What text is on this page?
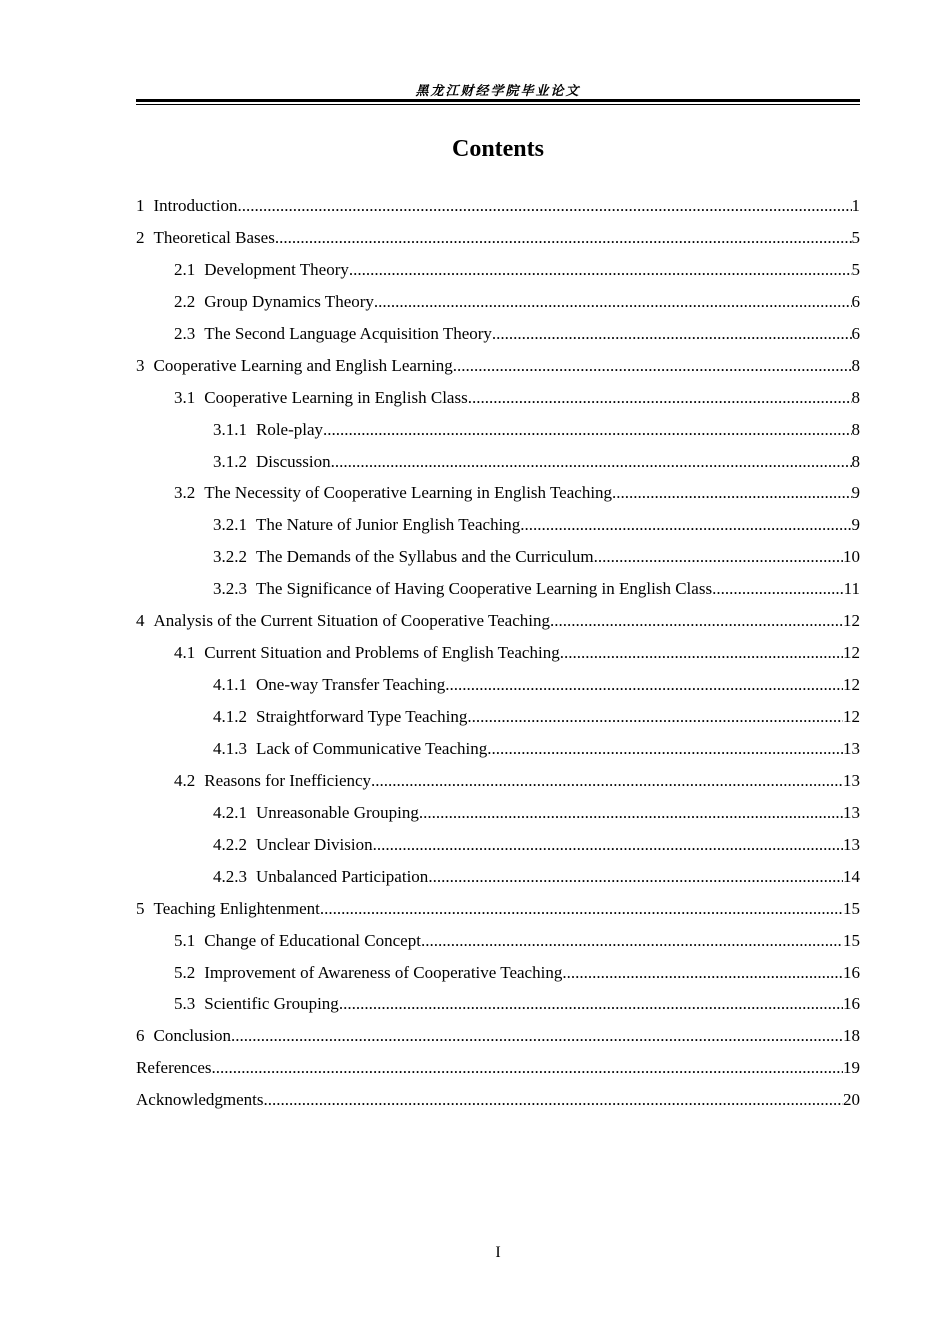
黑龙江财经学院毕业论文
Contents
1 Introduction .....	1
2 Theoretical Bases .....	5
2.1 Development Theory .....	5
2.2 Group Dynamics Theory .....	6
2.3 The Second Language Acquisition Theory .....	6
3 Cooperative Learning and English Learning .....	8
3.1 Cooperative Learning in English Class .....	8
3.1.1 Role-play .....	8
3.1.2 Discussion .....	8
3.2 The Necessity of Cooperative Learning in English Teaching .....	9
3.2.1 The Nature of Junior English Teaching .....	9
3.2.2 The Demands of the Syllabus and the Curriculum .....	10
3.2.3 The Significance of Having Cooperative Learning in English Class .....	11
4 Analysis of the Current Situation of Cooperative Teaching .....	12
4.1 Current Situation and Problems of English Teaching .....	12
4.1.1 One-way Transfer Teaching .....	12
4.1.2 Straightforward Type Teaching .....	12
4.1.3 Lack of Communicative Teaching .....	13
4.2 Reasons for Inefficiency .....	13
4.2.1 Unreasonable Grouping .....	13
4.2.2 Unclear Division .....	13
4.2.3 Unbalanced Participation .....	14
5 Teaching Enlightenment .....	15
5.1 Change of Educational Concept .....	15
5.2 Improvement of Awareness of Cooperative Teaching .....	16
5.3 Scientific Grouping .....	16
6 Conclusion .....	18
References .....	19
Acknowledgments .....	20
I
